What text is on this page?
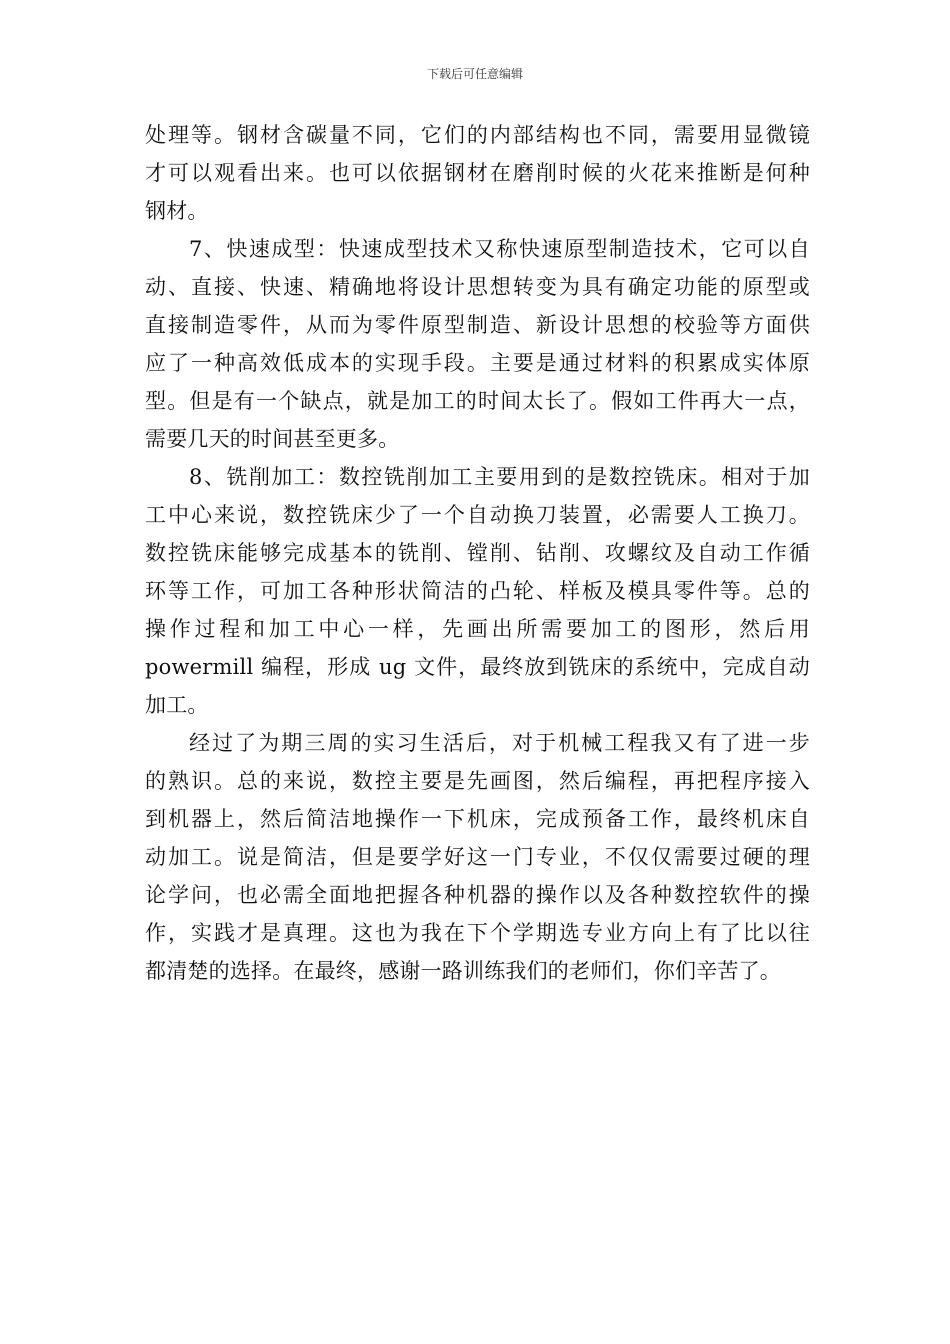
下载后可任意编辑
处理等。钢材含碳量不同，它们的内部结构也不同，需要用显微镜
才可以观看出来。也可以依据钢材在磨削时候的火花来推断是何种
钢材。
7、快速成型：快速成型技术又称快速原型制造技术，它可以自
动、直接、快速、精确地将设计思想转变为具有确定功能的原型或
直接制造零件，从而为零件原型制造、新设计思想的校验等方面供
应了一种高效低成本的实现手段。主要是通过材料的积累成实体原
型。但是有一个缺点，就是加工的时间太长了。假如工件再大一点，
需要几天的时间甚至更多。
8、铣削加工：数控铣削加工主要用到的是数控铣床。相对于加
工中心来说，数控铣床少了一个自动换刀装置，必需要人工换刀。
数控铣床能够完成基本的铣削、镗削、钻削、攻螺纹及自动工作循
环等工作，可加工各种形状简洁的凸轮、样板及模具零件等。总的
操作过程和加工中心一样，先画出所需要加工的图形，然后用
powermill 编程，形成 ug 文件，最终放到铣床的系统中，完成自动
加工。
经过了为期三周的实习生活后，对于机械工程我又有了进一步
的熟识。总的来说，数控主要是先画图，然后编程，再把程序接入
到机器上，然后简洁地操作一下机床，完成预备工作，最终机床自
动加工。说是简洁，但是要学好这一门专业，不仅仅需要过硬的理
论学问，也必需全面地把握各种机器的操作以及各种数控软件的操
作，实践才是真理。这也为我在下个学期选专业方向上有了比以往
都清楚的选择。在最终，感谢一路训练我们的老师们，你们辛苦了。
